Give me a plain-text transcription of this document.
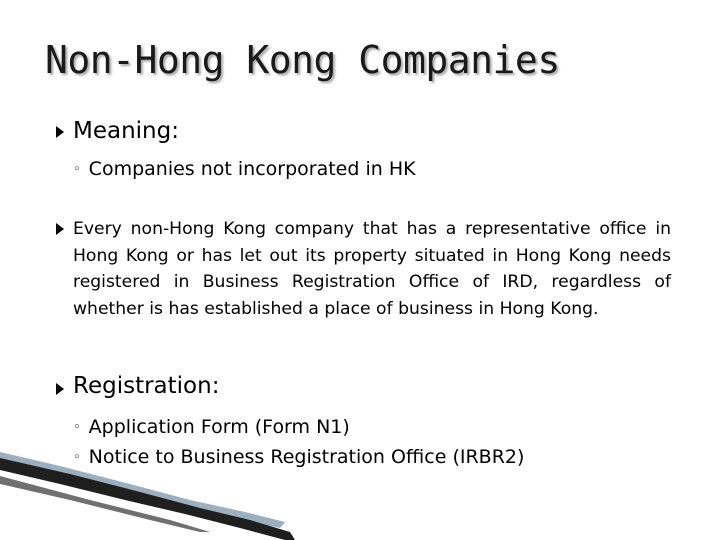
Non-Hong Kong Companies
Meaning:
◦ Companies not incorporated in HK
Every non-Hong Kong company that has a representative office in Hong Kong or has let out its property situated in Hong Kong needs registered in Business Registration Office of IRD, regardless of whether is has established a place of business in Hong Kong.
Registration:
◦ Application Form (Form N1)
◦ Notice to Business Registration Office (IRBR2)
